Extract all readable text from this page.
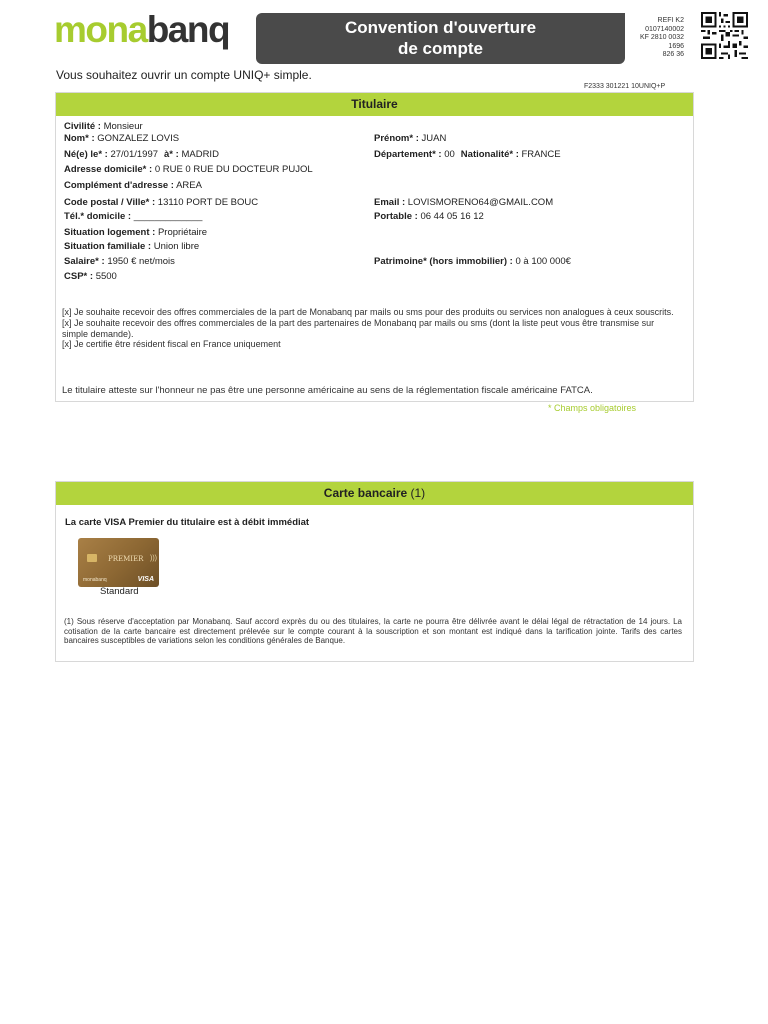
monabanq	Convention d'ouverture
de compte
REFI K2
0107140002
KF 2810 0032
1696
826 36
Vous souhaitez ouvrir un compte UNIQ+ simple.
F2333 301221 10UNIQ+P
Titulaire
Civilité : Monsieur
Nom* : GONZALEZ LOVIS	Prénom* : JUAN
Né(e) le* : 27/01/1997 à* : MADRID	Département* : 00 Nationalité* : FRANCE
Adresse domicile* : 0 RUE 0 RUE DU DOCTEUR PUJOL
Complément d'adresse : AREA
Code postal / Ville* : 13110 PORT DE BOUC	Email : LOVISMORENO64@GMAIL.COM
Tél.* domicile : _____________	Portable : 06 44 05 16 12
Situation logement : Propriétaire
Situation familiale : Union libre
Salaire* : 1950 € net/mois	Patrimoine* (hors immobilier) : 0 à 100 000€
CSP* : 5500
[x] Je souhaite recevoir des offres commerciales de la part de Monabanq par mails ou sms pour des produits ou services non analogues à ceux souscrits.
[x] Je souhaite recevoir des offres commerciales de la part des partenaires de Monabanq par mails ou sms (dont la liste peut vous être transmise sur simple demande).
[x] Je certifie être résident fiscal en France uniquement
Le titulaire atteste sur l'honneur ne pas être une personne américaine au sens de la réglementation fiscale américaine FATCA.
* Champs obligatoires
Carte bancaire (1)
La carte VISA Premier du titulaire est à débit immédiat
PREMIER )))
monabanq	VISA
Standard
(1) Sous réserve d'acceptation par Monabanq. Sauf accord exprès du ou des titulaires, la carte ne pourra être délivrée avant le délai légal de rétractation de 14 jours. La cotisation de la carte bancaire est directement prélevée sur le compte courant à la souscription et son montant est indiqué dans la tarification jointe. Tarifs des cartes bancaires susceptibles de variations selon les conditions générales de Banque.
